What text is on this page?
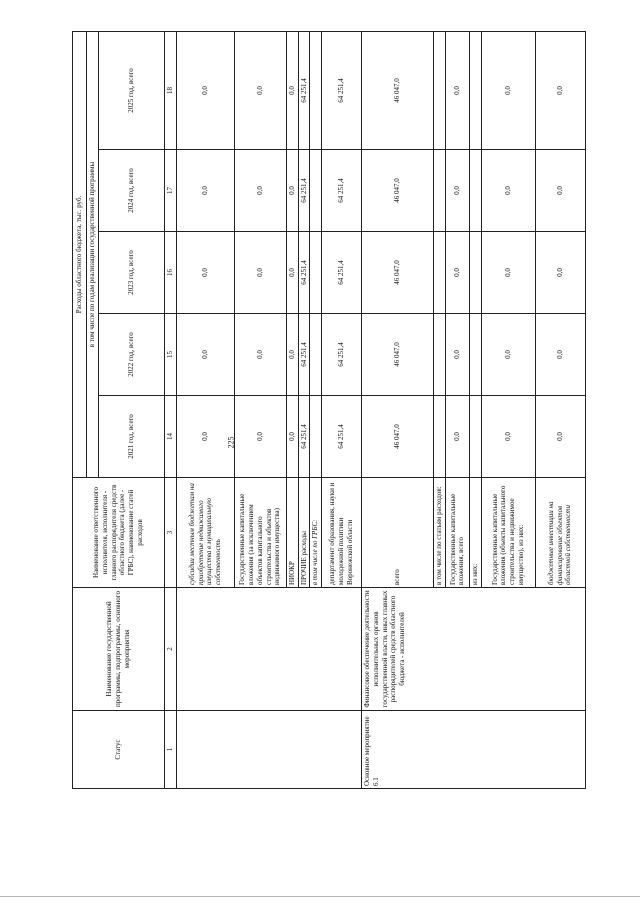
225
Статус	Наименование государственной программы, подпрограммы, основного мероприятия	Наименование ответственного исполнителя, исполнителя - главного распорядителя средств областного бюджета (далее - ГРБС), наименование статей расходов	Расходы областного бюджета, тыс. руб.				
			в том числе по годам реализации государственной программы				
			2021 год, всего	2022 год, всего	2023 год, всего	2024 год, всего	2025 год, всего
1	2	3	14	15	16	17	18
		субсидии местным бюджетам на приобретение недвижимого имущества в муниципальную собственность	0,0	0,0	0,0	0,0	0,0
		Государственные капитальные вложения (за исключением объектов капитального строительства и объектов недвижимого имущества)	0,0	0,0	0,0	0,0	0,0
		НИОКР	0,0	0,0	0,0	0,0	0,0
		ПРОЧИЕ расходы	64 251,4	64 251,4	64 251,4	64 251,4	64 251,4
		в том числе по ГРБС:					
		департамент образования, науки и молодежной политики Воронежской области	64 251,4	64 251,4	64 251,4	64 251,4	64 251,4
Основное мероприятие 6.1	Финансовое обеспечение деятельности исполнительных органов государственной власти, иных главных распорядителей средств областного бюджета - исполнителей	всего	46 047,0	46 047,0	46 047,0	46 047,0	46 047,0
		в том числе по статьям расходов:					
		Государственные капитальные вложения, всего	0,0	0,0	0,0	0,0	0,0
		из них:					
		Государственные капитальные вложения (объекты капитального строительства и недвижимое имущество), из них:	0,0	0,0	0,0	0,0	0,0
		бюджетные инвестиции на финансирование объектов областной собственности	0,0	0,0	0,0	0,0	0,0
